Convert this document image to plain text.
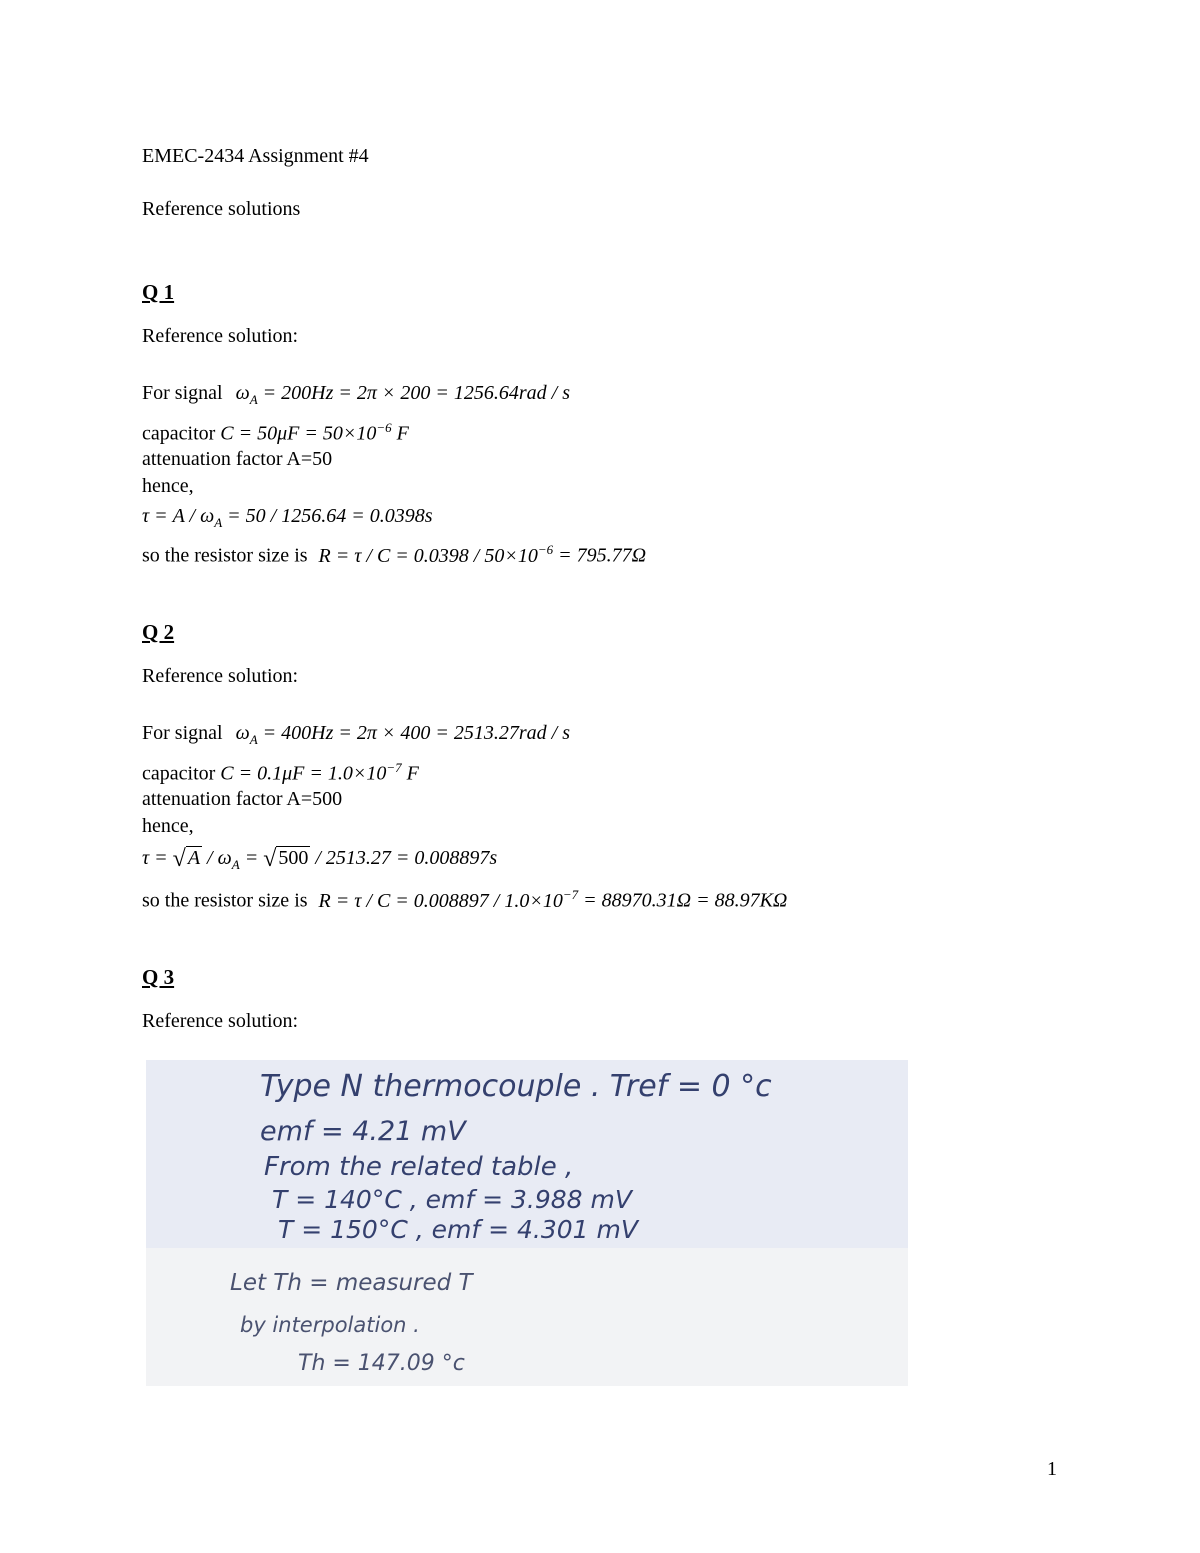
EMEC-2434 Assignment #4
Reference solutions
Q 1
Reference solution:
For signal $\omega_A = 200Hz = 2\pi \times 200 = 1256.64rad / s$
capacitor $C = 50\mu F = 50\times 10^{-6}$ F
attenuation factor A=50
hence,
$\tau = A / \omega_A = 50 / 1256.64 = 0.0398s$
so the resistor size is $R = \tau / C = 0.0398 / 50\times 10^{-6} = 795.77\Omega$
Q 2
Reference solution:
For signal $\omega_A = 400Hz = 2\pi \times 400 = 2513.27rad / s$
capacitor $C = 0.1\mu F = 1.0\times 10^{-7}$ F
attenuation factor A=500
hence,
τ = √ A / $\omega_A$ = √ 500 / 2513.27 = 0.008897s
so the resistor size is $R = \tau / C = 0.008897 / 1.0\times 10^{-7} = 88970.31\Omega = 88.97K\Omega$
Q 3
Reference solution:
Type N thermocouple . Tref = 0 °c
emf = 4.21 mV
From the related table ,
T = 140°C , emf = 3.988 mV
T = 150°C , emf = 4.301 mV
Let Th = measured T
by interpolation .
Th = 147.09 °c
1
